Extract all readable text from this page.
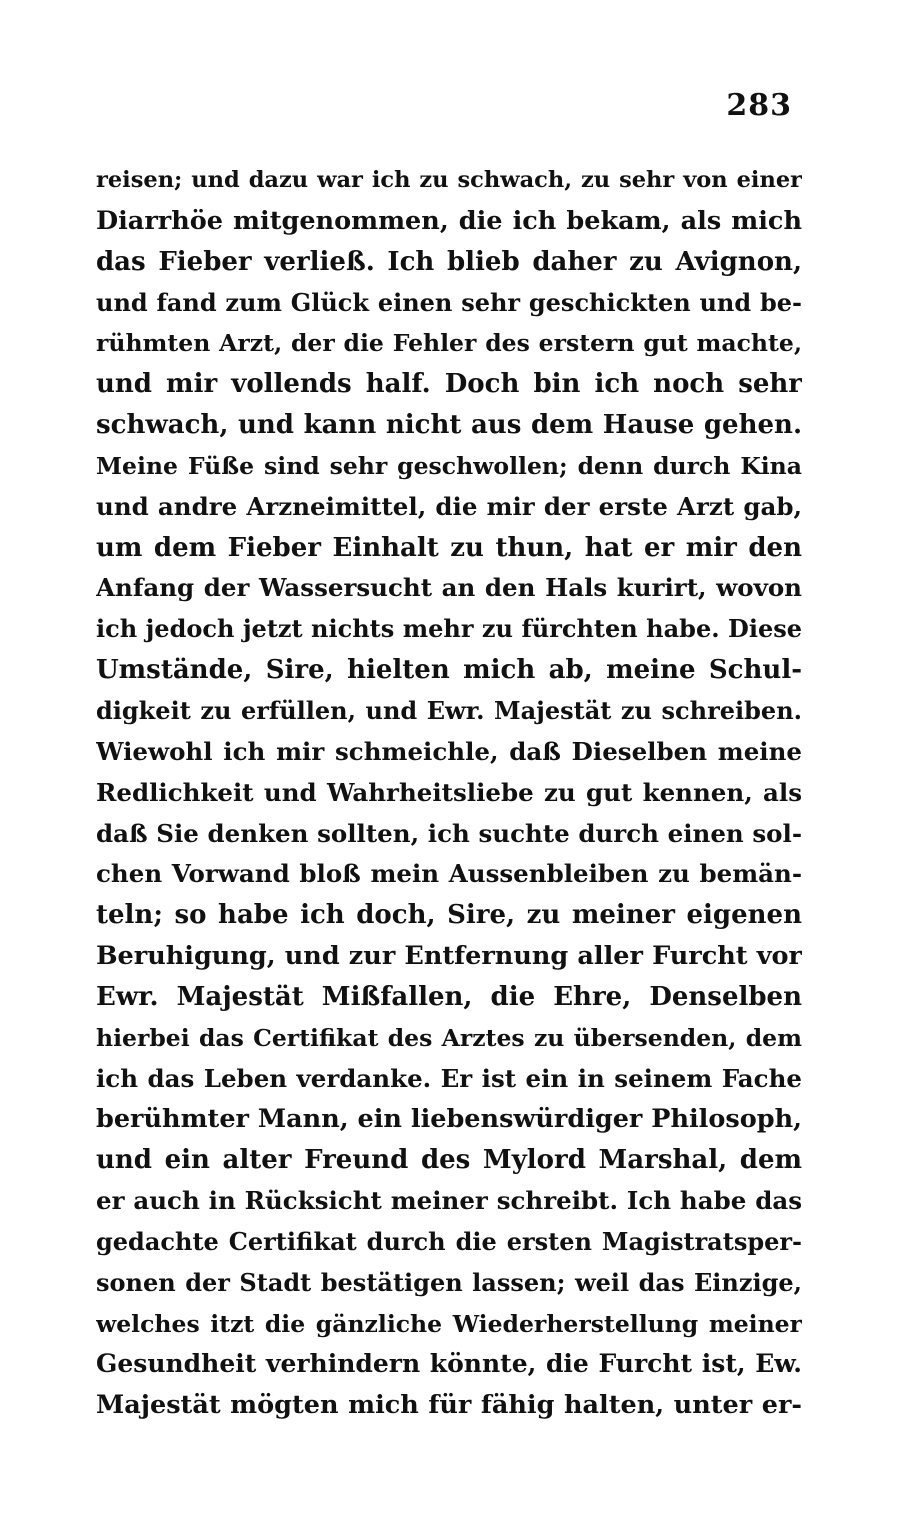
283
reisen; und dazu war ich zu schwach, zu sehr von einer
Diarrhöe mitgenommen, die ich bekam, als mich
das Fieber verließ. Ich blieb daher zu Avignon,
und fand zum Glück einen sehr geschickten und be-
rühmten Arzt, der die Fehler des erstern gut machte,
und mir vollends half. Doch bin ich noch sehr
schwach, und kann nicht aus dem Hause gehen.
Meine Füße sind sehr geschwollen; denn durch Kina
und andre Arzneimittel, die mir der erste Arzt gab,
um dem Fieber Einhalt zu thun, hat er mir den
Anfang der Wassersucht an den Hals kurirt, wovon
ich jedoch jetzt nichts mehr zu fürchten habe. Diese
Umstände, Sire, hielten mich ab, meine Schul-
digkeit zu erfüllen, und Ewr. Majestät zu schreiben.
Wiewohl ich mir schmeichle, daß Dieselben meine
Redlichkeit und Wahrheitsliebe zu gut kennen, als
daß Sie denken sollten, ich suchte durch einen sol-
chen Vorwand bloß mein Aussenbleiben zu bemän-
teln; so habe ich doch, Sire, zu meiner eigenen
Beruhigung, und zur Entfernung aller Furcht vor
Ewr. Majestät Mißfallen, die Ehre, Denselben
hierbei das Certifikat des Arztes zu übersenden, dem
ich das Leben verdanke. Er ist ein in seinem Fache
berühmter Mann, ein liebenswürdiger Philosoph,
und ein alter Freund des Mylord Marshal, dem
er auch in Rücksicht meiner schreibt. Ich habe das
gedachte Certifikat durch die ersten Magistratsper-
sonen der Stadt bestätigen lassen; weil das Einzige,
welches itzt die gänzliche Wiederherstellung meiner
Gesundheit verhindern könnte, die Furcht ist, Ew.
Majestät mögten mich für fähig halten, unter er-
